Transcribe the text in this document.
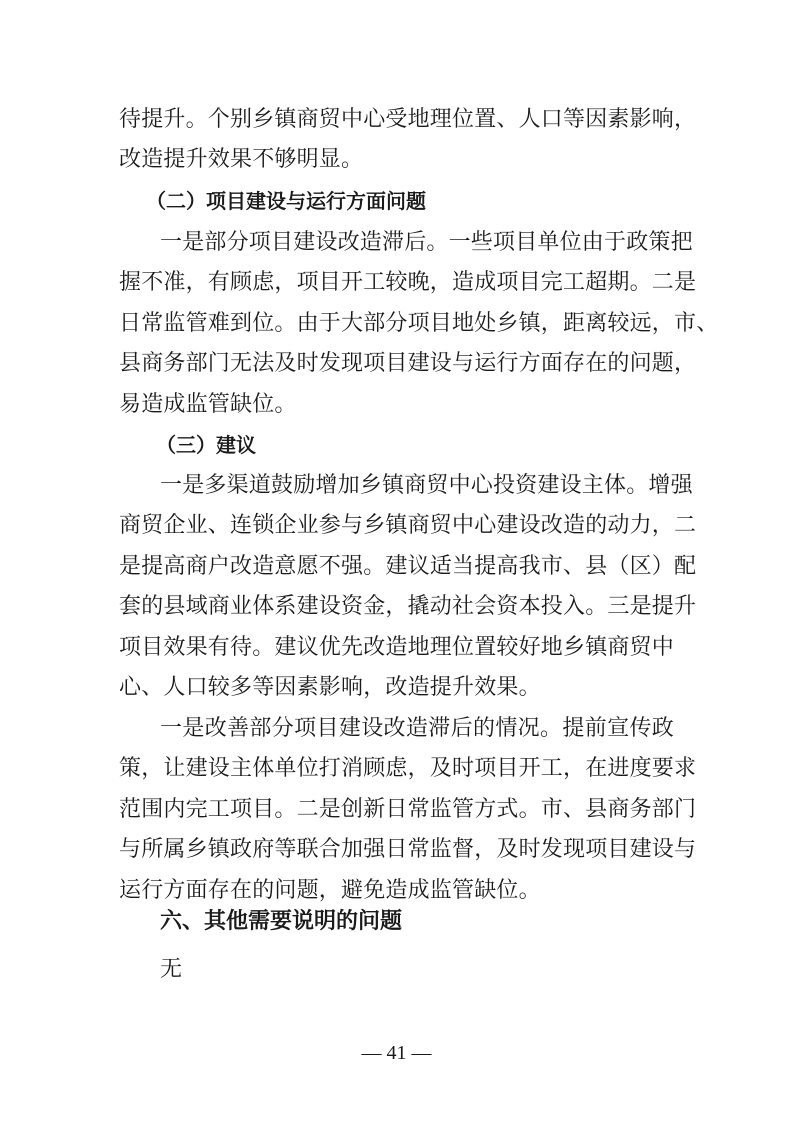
待提升。个别乡镇商贸中心受地理位置、人口等因素影响，
改造提升效果不够明显。
（二）项目建设与运行方面问题
一是部分项目建设改造滞后。一些项目单位由于政策把
握不准，有顾虑，项目开工较晚，造成项目完工超期。二是
日常监管难到位。由于大部分项目地处乡镇，距离较远，市、
县商务部门无法及时发现项目建设与运行方面存在的问题，
易造成监管缺位。
（三）建议
一是多渠道鼓励增加乡镇商贸中心投资建设主体。增强
商贸企业、连锁企业参与乡镇商贸中心建设改造的动力，二
是提高商户改造意愿不强。建议适当提高我市、县（区）配
套的县域商业体系建设资金，撬动社会资本投入。三是提升
项目效果有待。建议优先改造地理位置较好地乡镇商贸中
心、人口较多等因素影响，改造提升效果。
一是改善部分项目建设改造滞后的情况。提前宣传政
策，让建设主体单位打消顾虑，及时项目开工，在进度要求
范围内完工项目。二是创新日常监管方式。市、县商务部门
与所属乡镇政府等联合加强日常监督，及时发现项目建设与
运行方面存在的问题，避免造成监管缺位。
六、其他需要说明的问题
无
— 41 —
